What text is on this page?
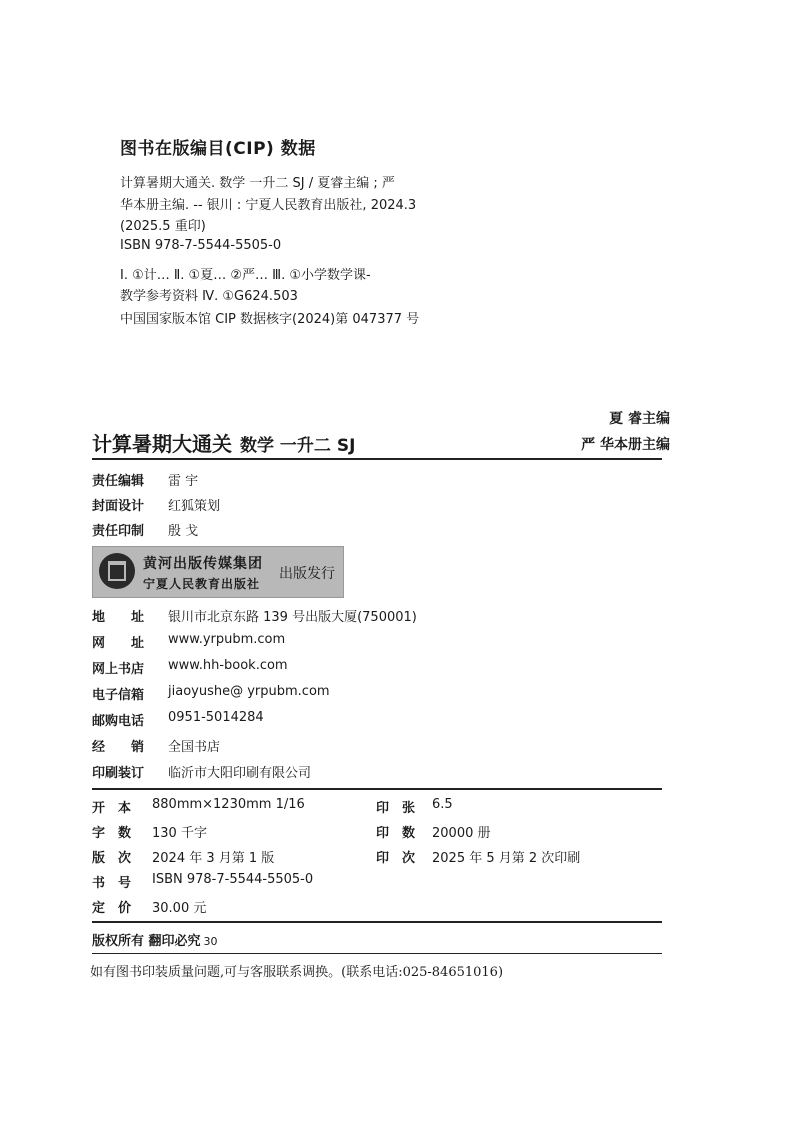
图书在版编目(CIP) 数据
计算暑期大通关. 数学 一升二 SJ / 夏睿主编 ; 严
华本册主编. -- 银川 : 宁夏人民教育出版社, 2024.3
(2025.5 重印)
ISBN 978-7-5544-5505-0
Ⅰ. ①计… Ⅱ. ①夏… ②严… Ⅲ. ①小学数学课-
教学参考资料 Ⅳ. ①G624.503
中国国家版本馆 CIP 数据核字(2024)第 047377 号
夏 睿主编
严 华本册主编
计算暑期大通关 数学 一升二 SJ
责任编辑 雷 宇
封面设计 红狐策划
责任印制 殷 戈
黄河出版传媒集团
宁夏人民教育出版社
出版发行
地　　址 银川市北京东路 139 号出版大厦(750001)
网　　址 www.yrpubm.com
网上书店 www.hh-book.com
电子信箱 jiaoyushe@ yrpubm.com
邮购电话 0951-5014284
经　　销 全国书店
印刷装订 临沂市大阳印刷有限公司
开　本 880mm×1230mm 1/16
字　数 130 千字
版　次 2024 年 3 月第 1 版
书　号 ISBN 978-7-5544-5505-0
定　价 30.00 元
印　张 6.5
印　数 20000 册
印　次 2025 年 5 月第 2 次印刷
版权所有 翻印必究 30
如有图书印装质量问题,可与客服联系调换。(联系电话:025-84651016)
